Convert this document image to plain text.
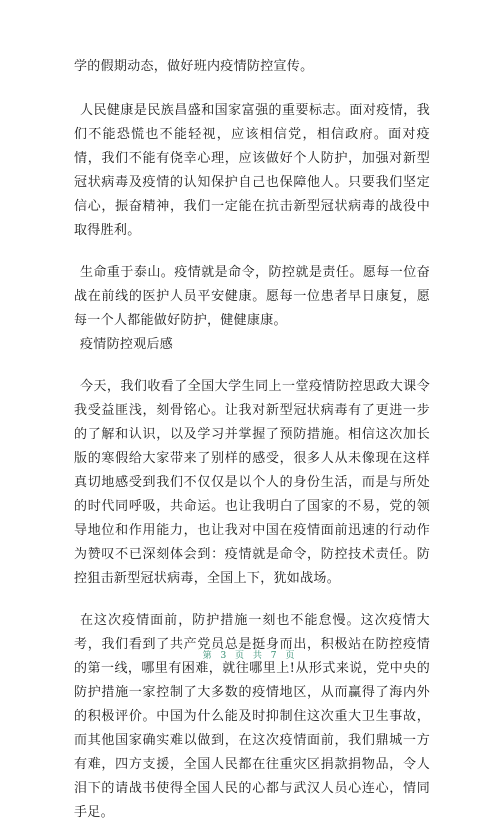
学的假期动态，做好班内疫情防控宣传。

人民健康是民族昌盛和国家富强的重要标志。面对疫情，我们不能恐慌也不能轻视，应该相信党，相信政府。面对疫情，我们不能有侥幸心理，应该做好个人防护，加强对新型冠状病毒及疫情的认知保护自己也保障他人。只要我们坚定信心，振奋精神，我们一定能在抗击新型冠状病毒的战役中取得胜利。

生命重于泰山。疫情就是命令，防控就是责任。愿每一位奋战在前线的医护人员平安健康。愿每一位患者早日康复，愿每一个人都能做好防护，健健康康。

疫情防控观后感

今天，我们收看了全国大学生同上一堂疫情防控思政大课令我受益匪浅，刻骨铭心。让我对新型冠状病毒有了更进一步的了解和认识，以及学习并掌握了预防措施。相信这次加长版的寒假给大家带来了别样的感受，很多人从未像现在这样真切地感受到我们不仅仅是以个人的身份生活，而是与所处的时代同呼吸，共命运。也让我明白了国家的不易，党的领导地位和作用能力，也让我对中国在疫情面前迅速的行动作为赞叹不已深刻体会到：疫情就是命令，防控技术责任。防控狙击新型冠状病毒，全国上下，犹如战场。

在这次疫情面前，防护措施一刻也不能怠慢。这次疫情大考，我们看到了共产党员总是挺身而出，积极站在防控疫情的第一线，哪里有困难，就往哪里上!从形式来说，党中央的防护措施一家控制了大多数的疫情地区，从而赢得了海内外的积极评价。中国为什么能及时抑制住这次重大卫生事故，而其他国家确实难以做到，在这次疫情面前，我们鼎城一方有难，四方支援，全国人民都在往重灾区捐款捐物品，令人泪下的请战书使得全国人民的心都与武汉人员心连心，情同手足。

第 3 页 共 7 页
